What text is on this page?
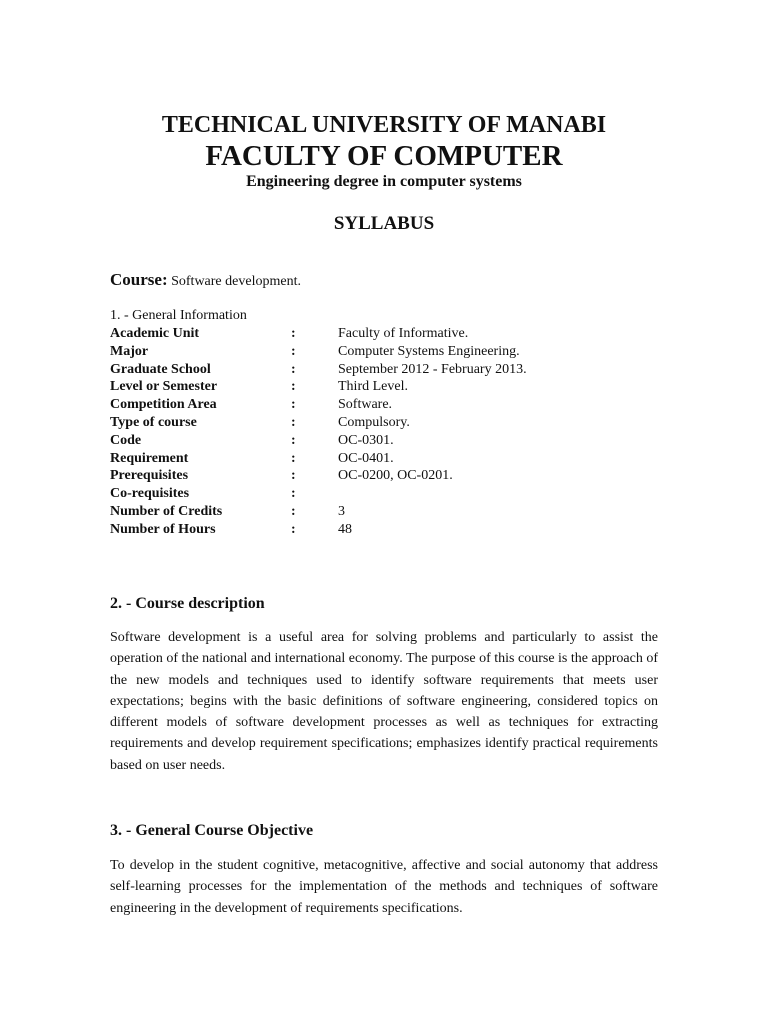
TECHNICAL UNIVERSITY OF MANABI
FACULTY OF COMPUTER
Engineering degree in computer systems
SYLLABUS
Course: Software development.
1. - General Information
Academic Unit	:	Faculty of Informative.
Major	:	Computer Systems Engineering.
Graduate School	:	September 2012 - February 2013.
Level or Semester	:	Third Level.
Competition Area	:	Software.
Type of course	:	Compulsory.
Code	:	OC-0301.
Requirement	:	OC-0401.
Prerequisites	:	OC-0200, OC-0201.
Co-requisites	:
Number of Credits	:	3
Number of Hours	:	48
2. - Course description
Software development is a useful area for solving problems and particularly to assist the operation of the national and international economy. The purpose of this course is the approach of the new models and techniques used to identify software requirements that meets user expectations; begins with the basic definitions of software engineering, considered topics on different models of software development processes as well as techniques for extracting requirements and develop requirement specifications; emphasizes identify practical requirements based on user needs.
3. - General Course Objective
To develop in the student cognitive, metacognitive, affective and social autonomy that address self-learning processes for the implementation of the methods and techniques of software engineering in the development of requirements specifications.
